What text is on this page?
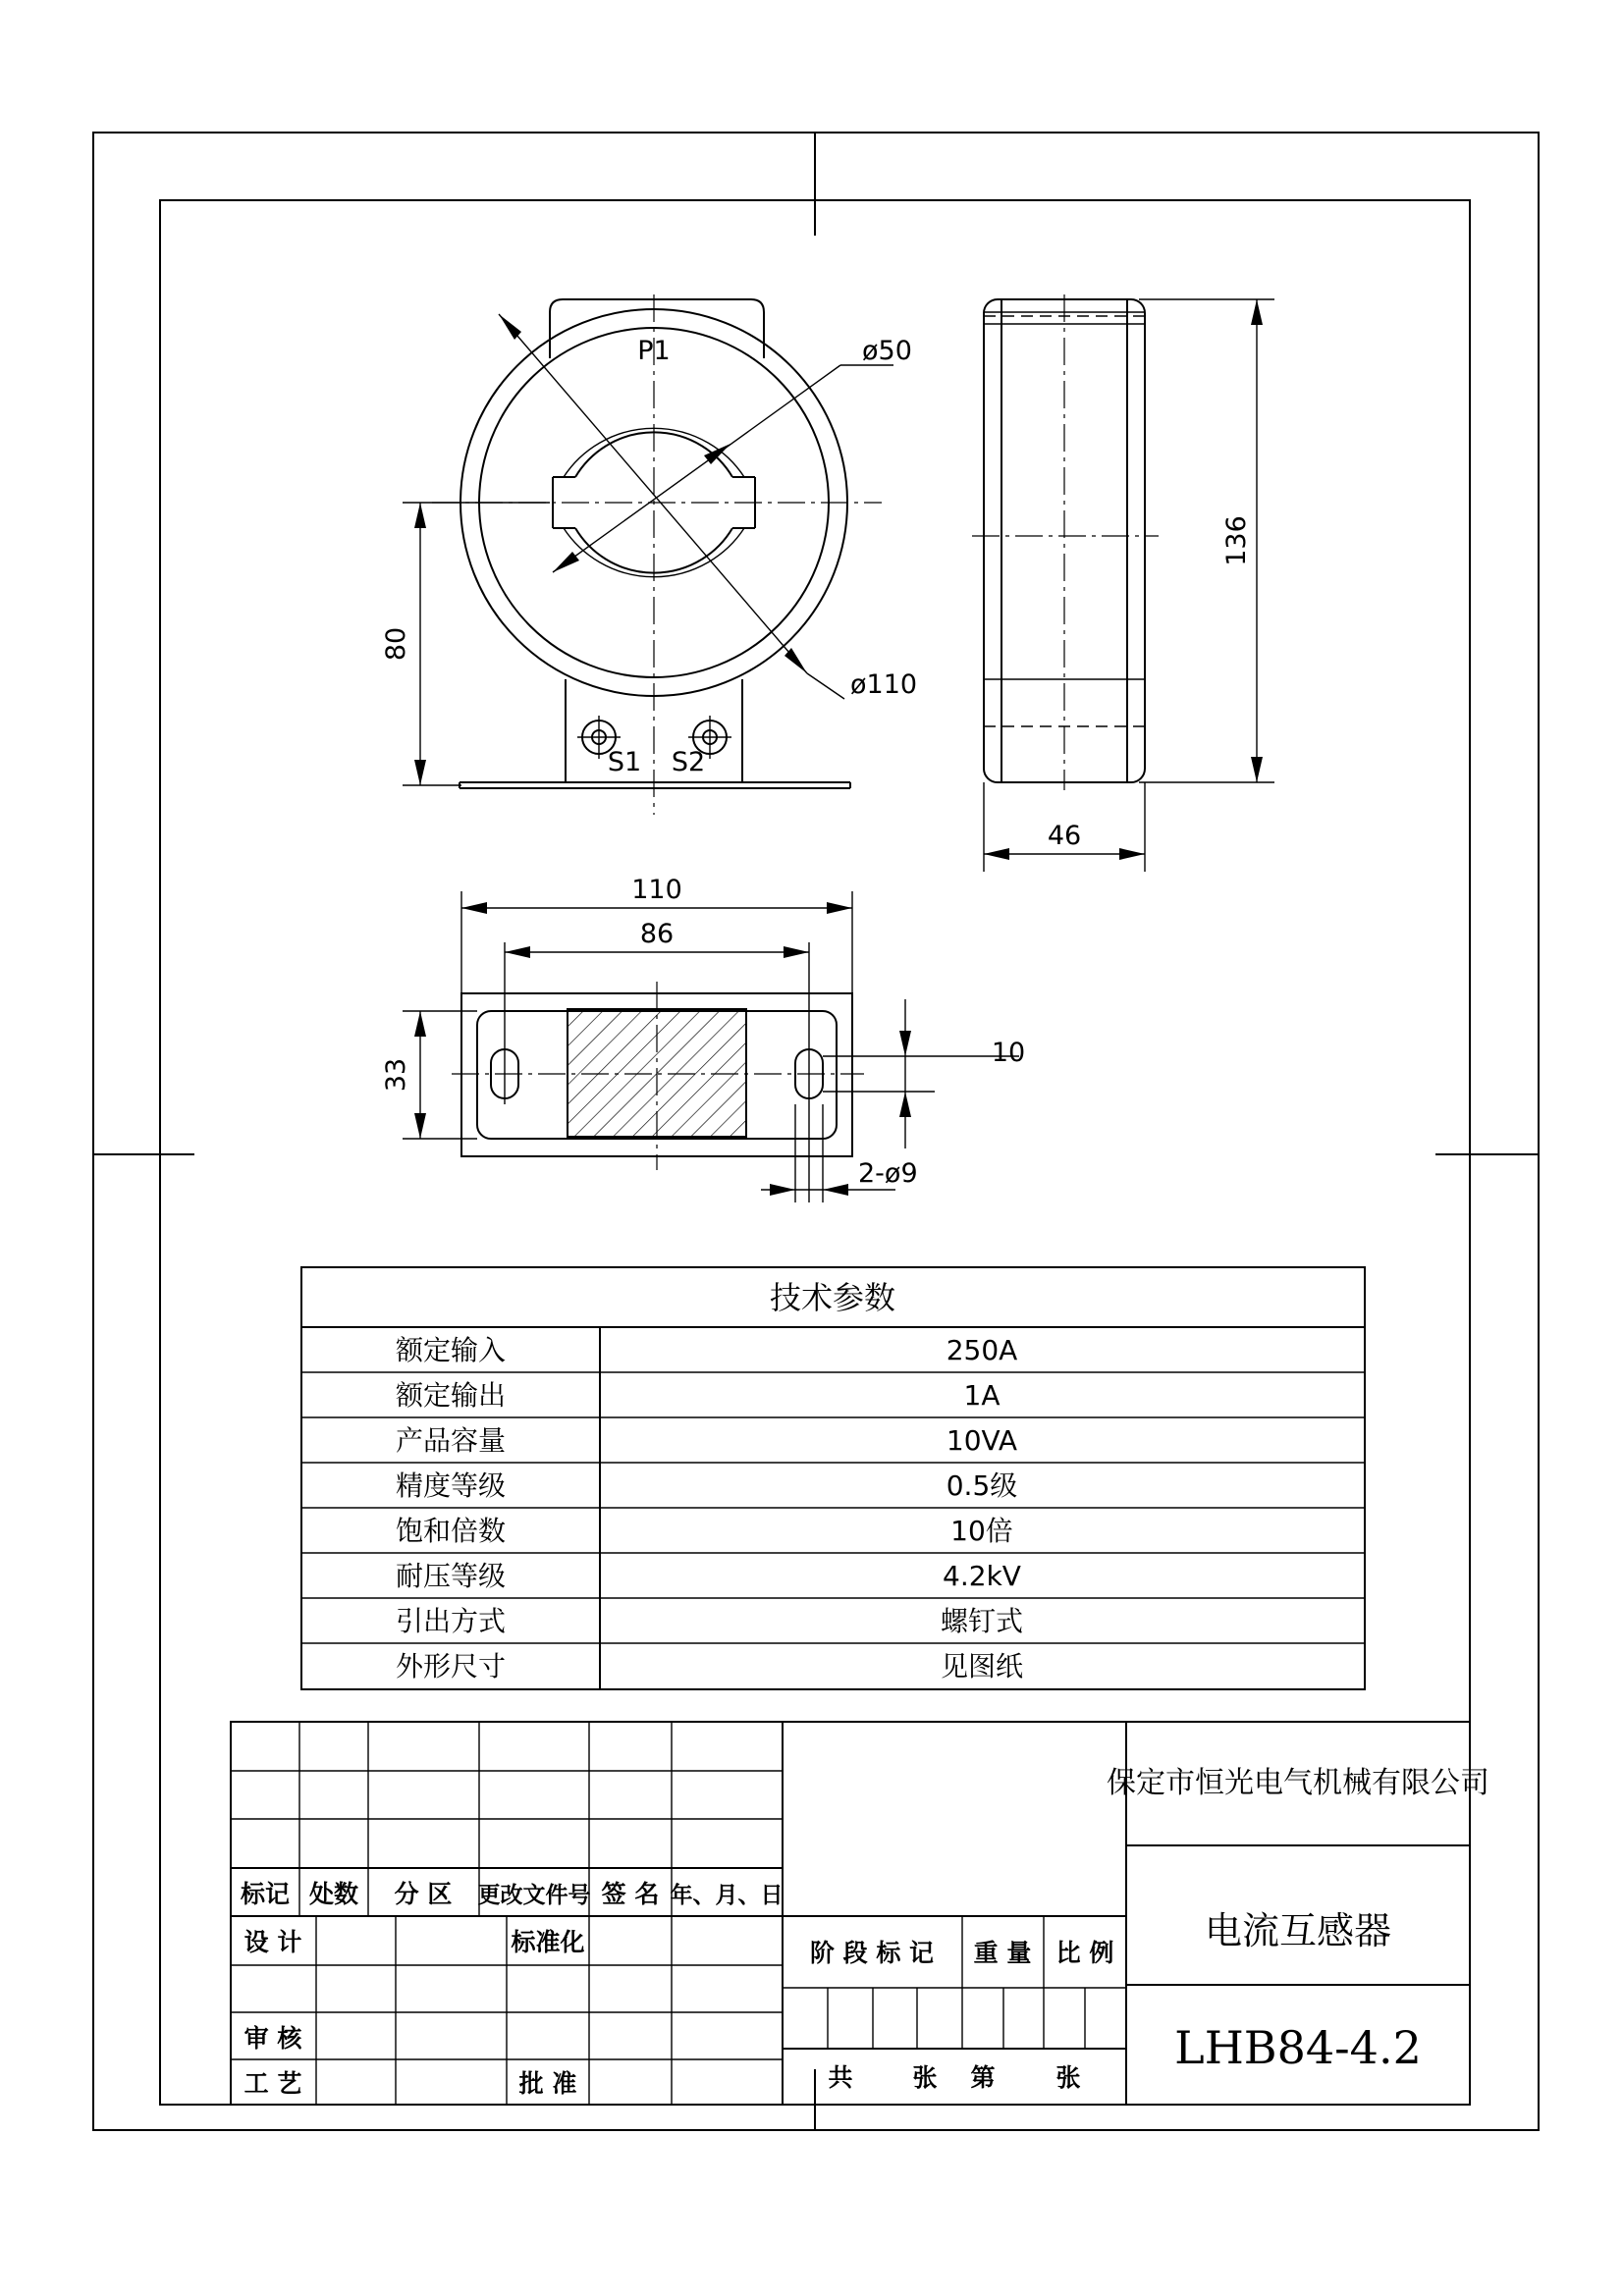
P1
S1 S2
ø50
ø110
80
136
46
110
86
33
10
2-ø9
技术参数
额定输入	250A
额定输出	1A
产品容量	10VA
精度等级	0.5级
饱和倍数	10倍
耐压等级	4.2kV
引出方式	螺钉式
外形尺寸	见图纸
标记 处数 分 区 更改文件号 签 名 年、月、日
设 计	标准化
审 核
工 艺	批 准
阶 段 标 记 重 量 比 例
共 张 第 张
保定市恒光电气机械有限公司
电流互感器
LHB84-4.2
